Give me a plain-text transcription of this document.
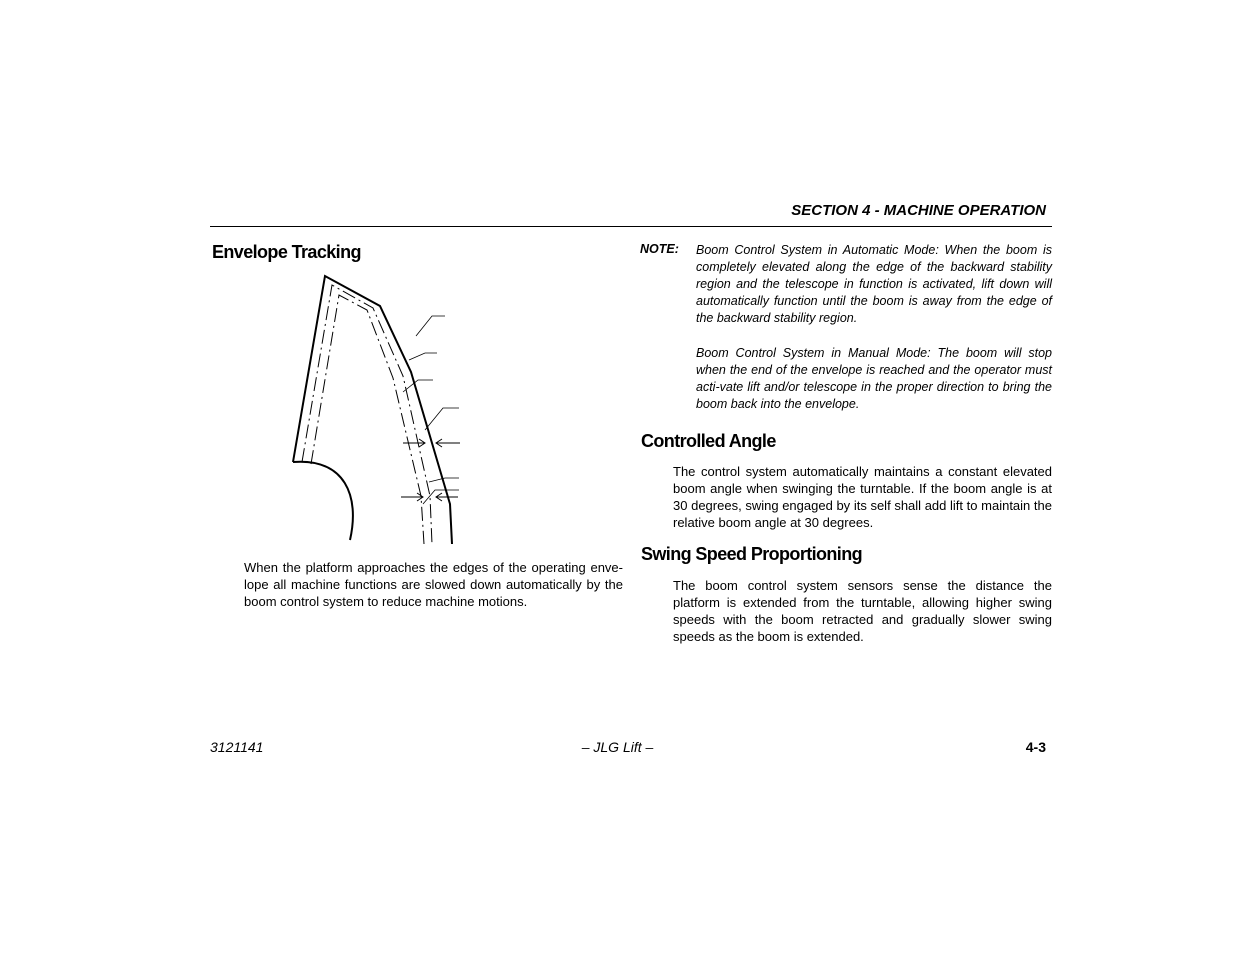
SECTION 4 - MACHINE OPERATION
Envelope Tracking
When the platform approaches the edges of the operating enve-lope all machine functions are slowed down automatically by the boom control system to reduce machine motions.
NOTE: Boom Control System in Automatic Mode: When the boom is completely elevated along the edge of the backward stability region and the telescope in function is activated, lift down will automatically function until the boom is away from the edge of the backward stability region.
Boom Control System in Manual Mode: The boom will stop when the end of the envelope is reached and the operator must acti-vate lift and/or telescope in the proper direction to bring the boom back into the envelope.
Controlled Angle
The control system automatically maintains a constant elevated boom angle when swinging the turntable. If the boom angle is at 30 degrees, swing engaged by its self shall add lift to maintain the relative boom angle at 30 degrees.
Swing Speed Proportioning
The boom control system sensors sense the distance the platform is extended from the turntable, allowing higher swing speeds with the boom retracted and gradually slower swing speeds as the boom is extended.
3121141	– JLG Lift –	4-3
